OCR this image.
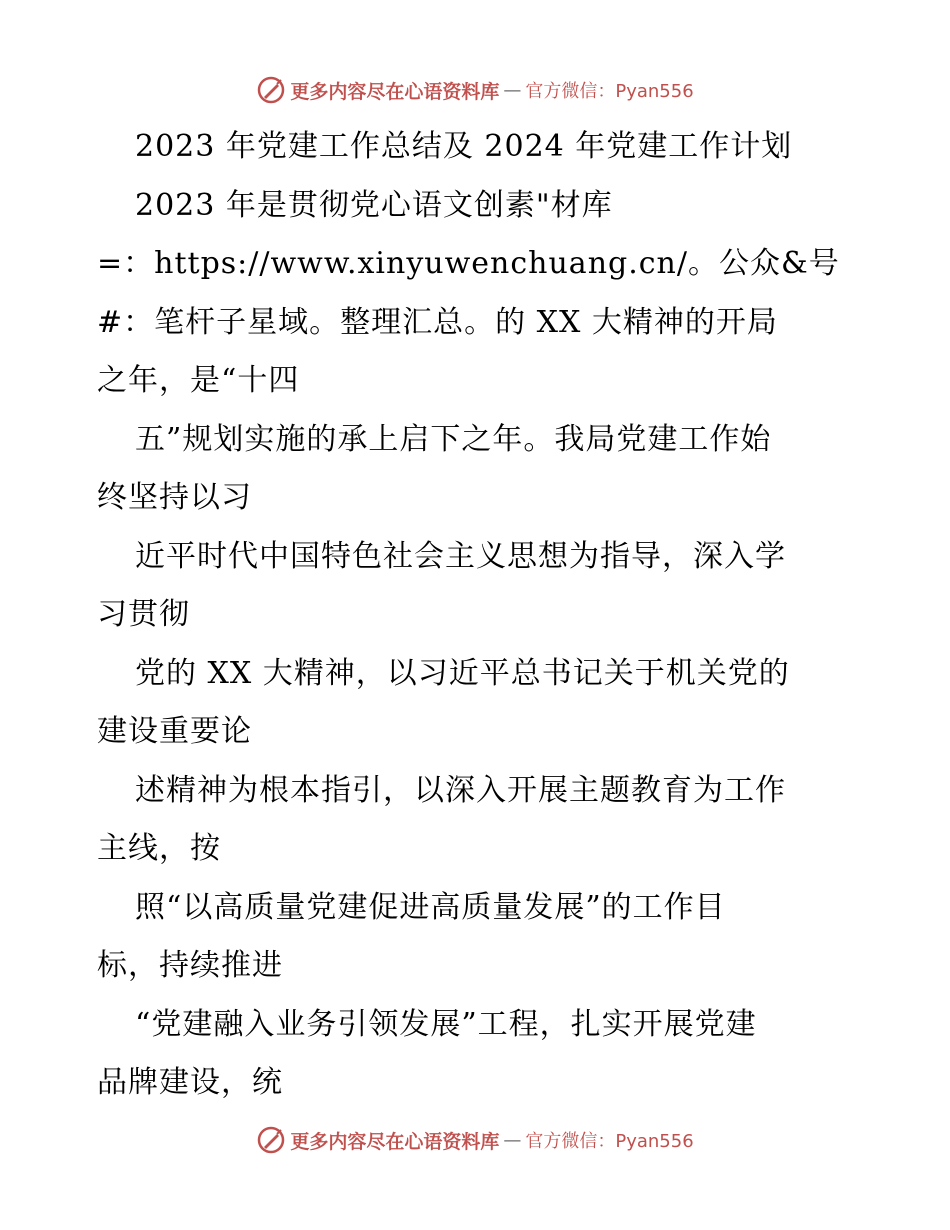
更多内容尽在心语资料库 — 官方微信：Pyan556
2023 年党建工作总结及 2024 年党建工作计划
2023 年是贯彻党心语文创素"材库
=：https://www.xinyuwenchuang.cn/。公众&号
#：笔杆子星域。整理汇总。的 XX 大精神的开局
之年，是“十四
五”规划实施的承上启下之年。我局党建工作始
终坚持以习
近平时代中国特色社会主义思想为指导，深入学
习贯彻
党的 XX 大精神，以习近平总书记关于机关党的
建设重要论
述精神为根本指引，以深入开展主题教育为工作
主线，按
照“以高质量党建促进高质量发展”的工作目
标，持续推进
“党建融入业务引领发展”工程，扎实开展党建
品牌建设，统
更多内容尽在心语资料库 — 官方微信：Pyan556
